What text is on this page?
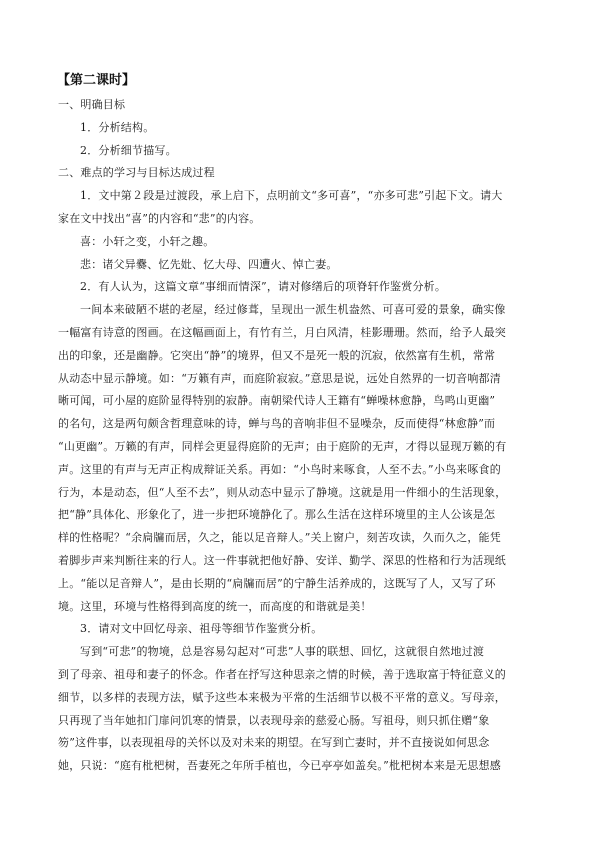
【第二课时】

一、明确目标

1．分析结构。

2．分析细节描写。

二、难点的学习与目标达成过程

1．文中第２段是过渡段，承上启下，点明前文“多可喜”，“亦多可悲”引起下文。请大

家在文中找出“喜”的内容和“悲”的内容。

喜：小轩之变，小轩之趣。

悲：诸父异爨、忆先妣、忆大母、四遭火、悼亡妻。

2．有人认为，这篇文章“事细而情深”，请对修缮后的项脊轩作鉴赏分析。

一间本来破陋不堪的老屋，经过修葺，呈现出一派生机盎然、可喜可爱的景象，确实像

一幅富有诗意的图画。在这幅画面上，有竹有兰，月白风清，桂影珊珊。然而，给予人最突

出的印象，还是幽静。它突出“静”的境界，但又不是死一般的沉寂，依然富有生机，常常

从动态中显示静境。如：“万籁有声，而庭阶寂寂。”意思是说，远处自然界的一切音响都清

晰可闻，可小屋的庭阶显得特别的寂静。南朝梁代诗人王籍有“蝉噪林愈静，鸟鸣山更幽”

的名句，这是两句颇含哲理意味的诗，蝉与鸟的音响非但不显噪杂，反而使得“林愈静”而

“山更幽”。万籁的有声，同样会更显得庭阶的无声；由于庭阶的无声，才得以显现万籁的有

声。这里的有声与无声正构成辩证关系。再如：“小鸟时来啄食，人至不去。”小鸟来啄食的

行为，本是动态，但“人至不去”，则从动态中显示了静境。这就是用一件细小的生活现象，

把“静”具体化、形象化了，进一步把环境静化了。那么生活在这样环境里的主人公该是怎

样的性格呢？“余扃牖而居，久之，能以足音辩人。”关上窗户，刻苦攻读，久而久之，能凭

着脚步声来判断往来的行人。这一件事就把他好静、安详、勤学、深思的性格和行为活现纸

上。“能以足音辩人”，是由长期的“扃牖而居”的宁静生活养成的，这既写了人，又写了环

境。这里，环境与性格得到高度的统一，而高度的和谐就是美！

3．请对文中回忆母亲、祖母等细节作鉴赏分析。

写到“可悲”的物境，总是容易勾起对“可悲”人事的联想、回忆，这就很自然地过渡

到了母亲、祖母和妻子的怀念。作者在抒写这种思亲之情的时候，善于选取富于特征意义的

细节，以多样的表现方法，赋予这些本来极为平常的生活细节以极不平常的意义。写母亲，

只再现了当年她扣门扉问饥寒的情景，以表现母亲的慈爱心肠。写祖母，则只抓住赠“象

笏”这件事，以表现祖母的关怀以及对未来的期望。在写到亡妻时，并不直接说如何思念

她，只说：“庭有枇杷树，吾妻死之年所手植也，今已亭亭如盖矣。”枇杷树本来是无思想感
